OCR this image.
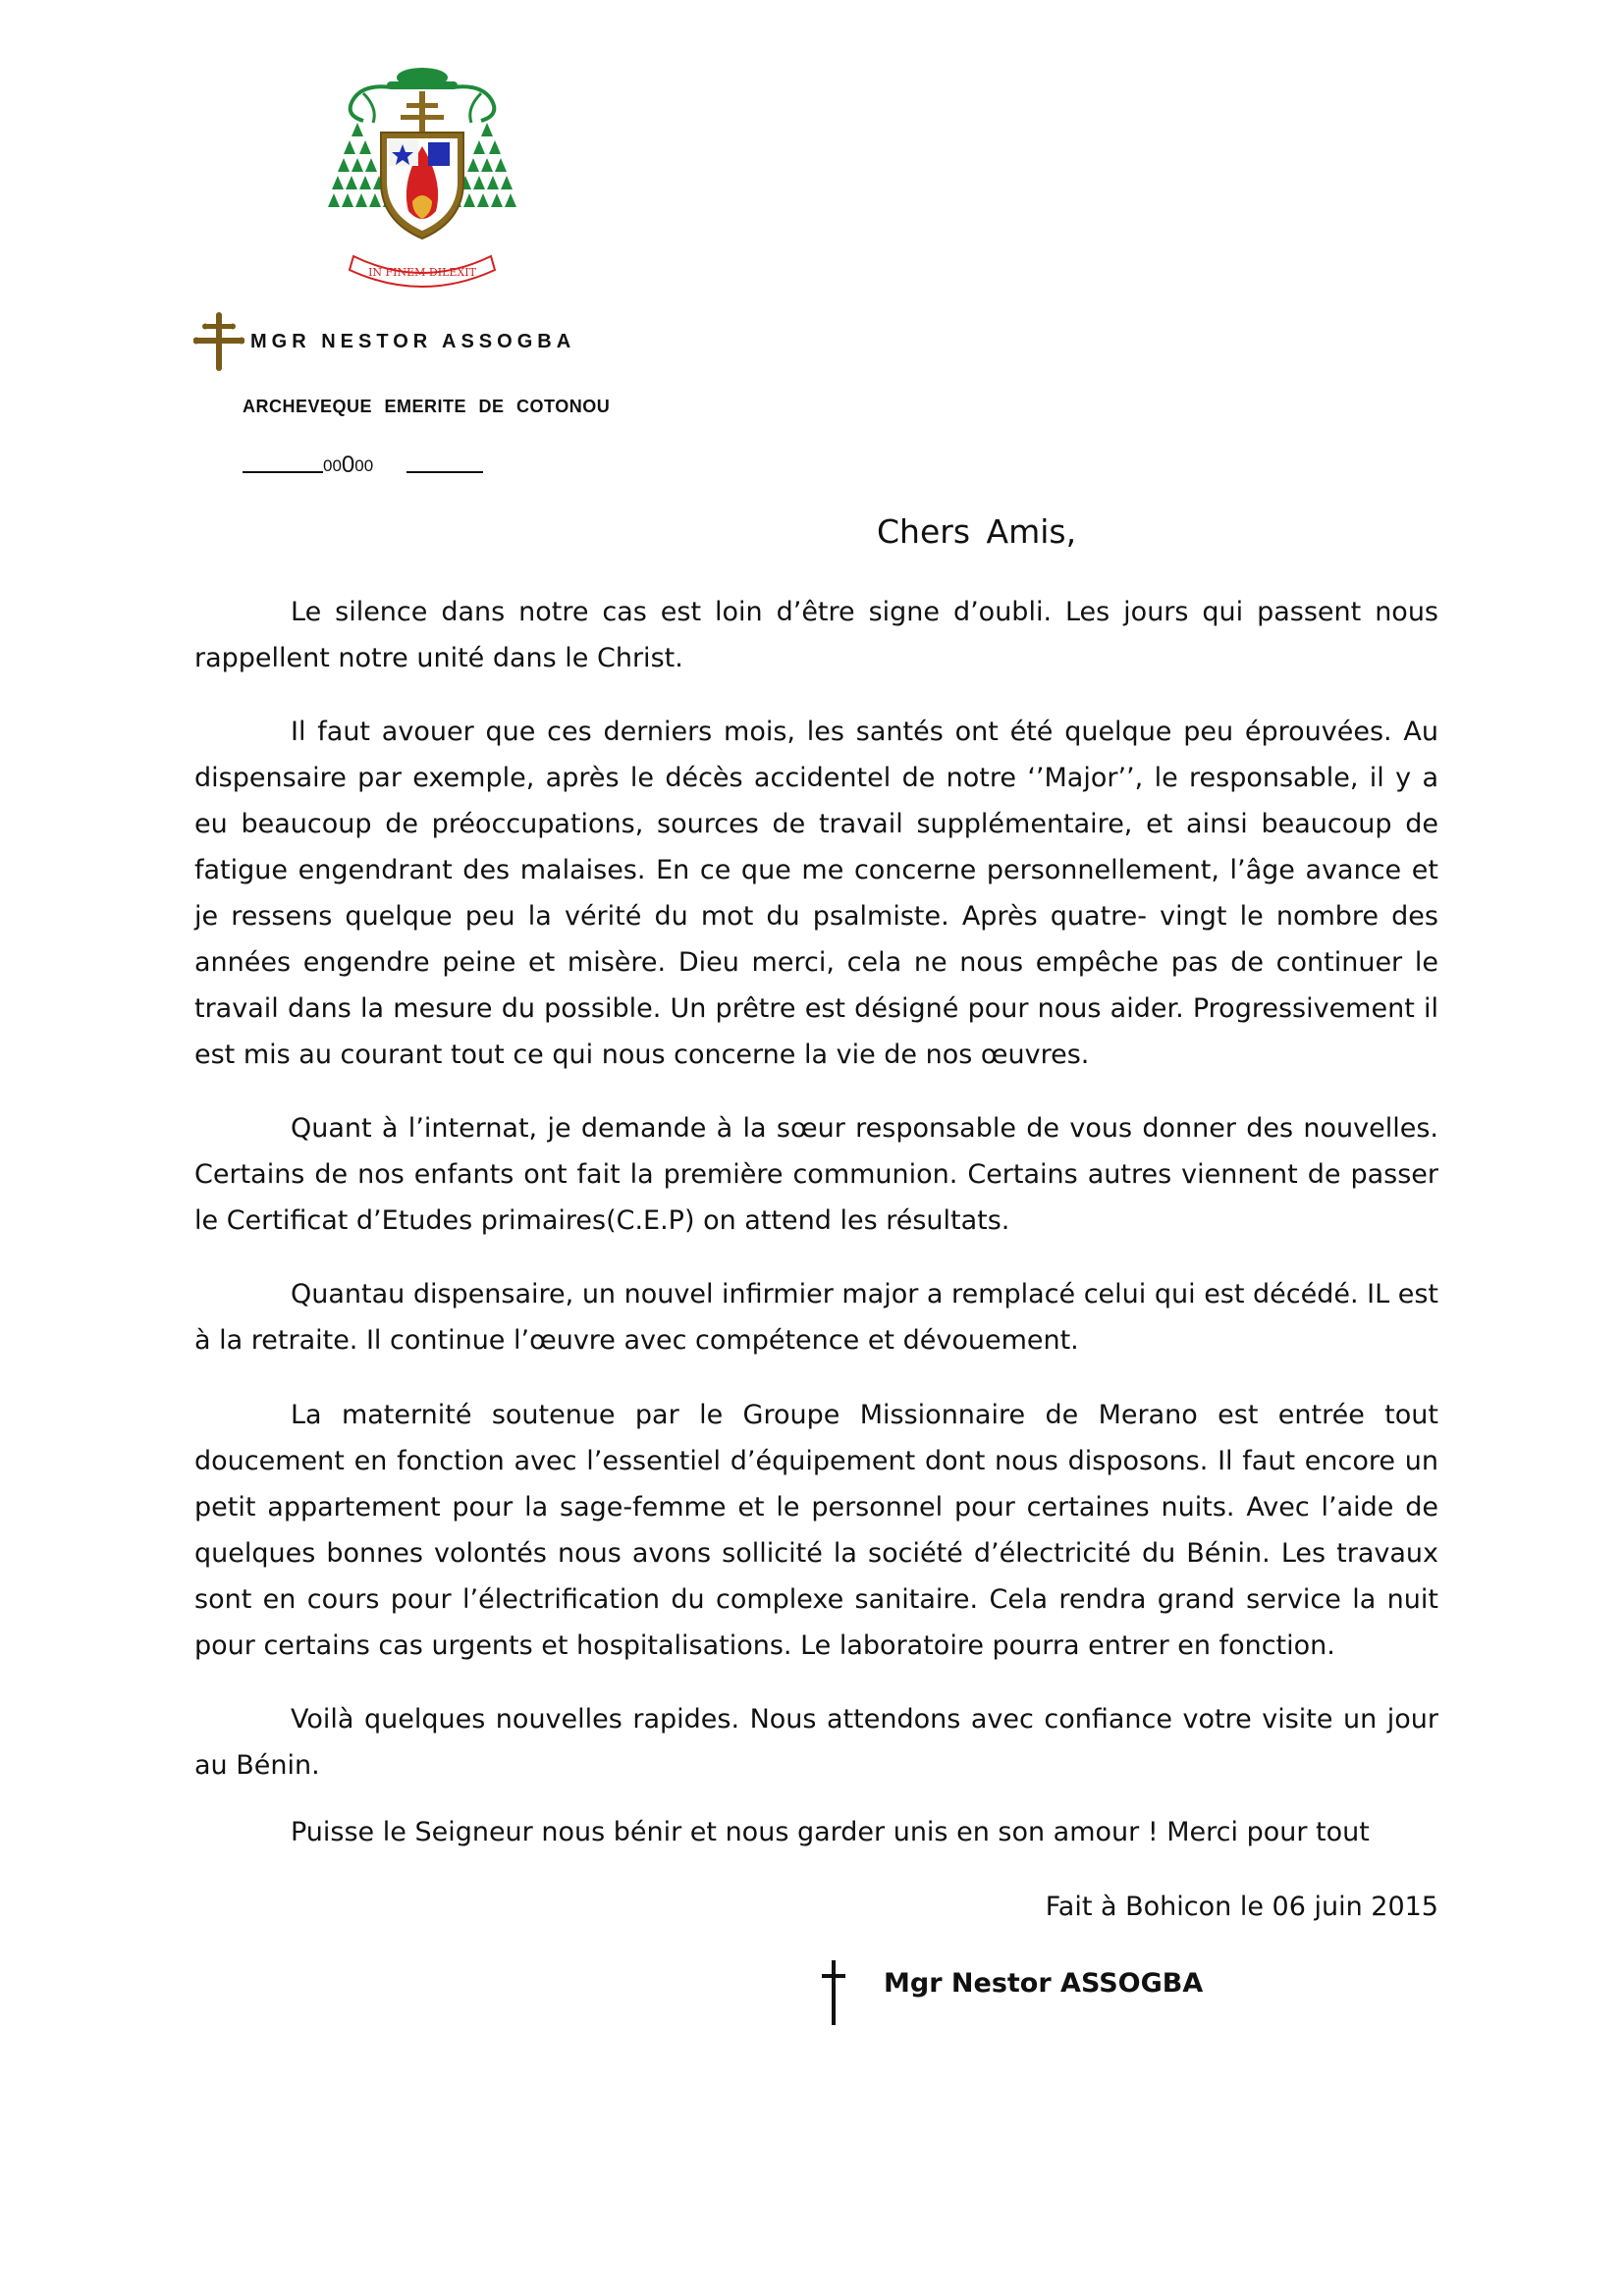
IN FINEM DILEXIT
MGR NESTOR ASSOGBA
ARCHEVEQUE EMERITE DE COTONOU
00 0 00
Chers Amis,

Le silence dans notre cas est loin d’être signe d’oubli. Les jours qui passent nous rappellent notre unité dans le Christ.

Il faut avouer que ces derniers mois, les santés ont été quelque peu éprouvées. Au dispensaire par exemple, après le décès accidentel de notre ‘’Major’’, le responsable, il y a eu beaucoup de préoccupations, sources de travail supplémentaire, et ainsi beaucoup de fatigue engendrant des malaises. En ce que me concerne personnellement, l’âge avance et je ressens quelque peu la vérité du mot du psalmiste. Après quatre- vingt le nombre des années engendre peine et misère. Dieu merci, cela ne nous empêche pas de continuer le travail dans la mesure du possible. Un prêtre est désigné pour nous aider. Progressivement il est mis au courant tout ce qui nous concerne la vie de nos œuvres.

Quant à l’internat, je demande à la sœur responsable de vous donner des nouvelles. Certains de nos enfants ont fait la première communion. Certains autres viennent de passer le Certificat d’Etudes primaires(C.E.P) on attend les résultats.

Quantau dispensaire, un nouvel infirmier major a remplacé celui qui est décédé. IL est à la retraite. Il continue l’œuvre avec compétence et dévouement.

La maternité soutenue par le Groupe Missionnaire de Merano est entrée tout doucement en fonction avec l’essentiel d’équipement dont nous disposons. Il faut encore un petit appartement pour la sage-femme et le personnel pour certaines nuits. Avec l’aide de quelques bonnes volontés nous avons sollicité la société d’électricité du Bénin. Les travaux sont en cours pour l’électrification du complexe sanitaire. Cela rendra grand service la nuit pour certains cas urgents et hospitalisations. Le laboratoire pourra entrer en fonction.

Voilà quelques nouvelles rapides. Nous attendons avec confiance votre visite un jour au Bénin.

Puisse le Seigneur nous bénir et nous garder unis en son amour ! Merci pour tout
Fait à Bohicon le 06 juin 2015
Mgr Nestor ASSOGBA
